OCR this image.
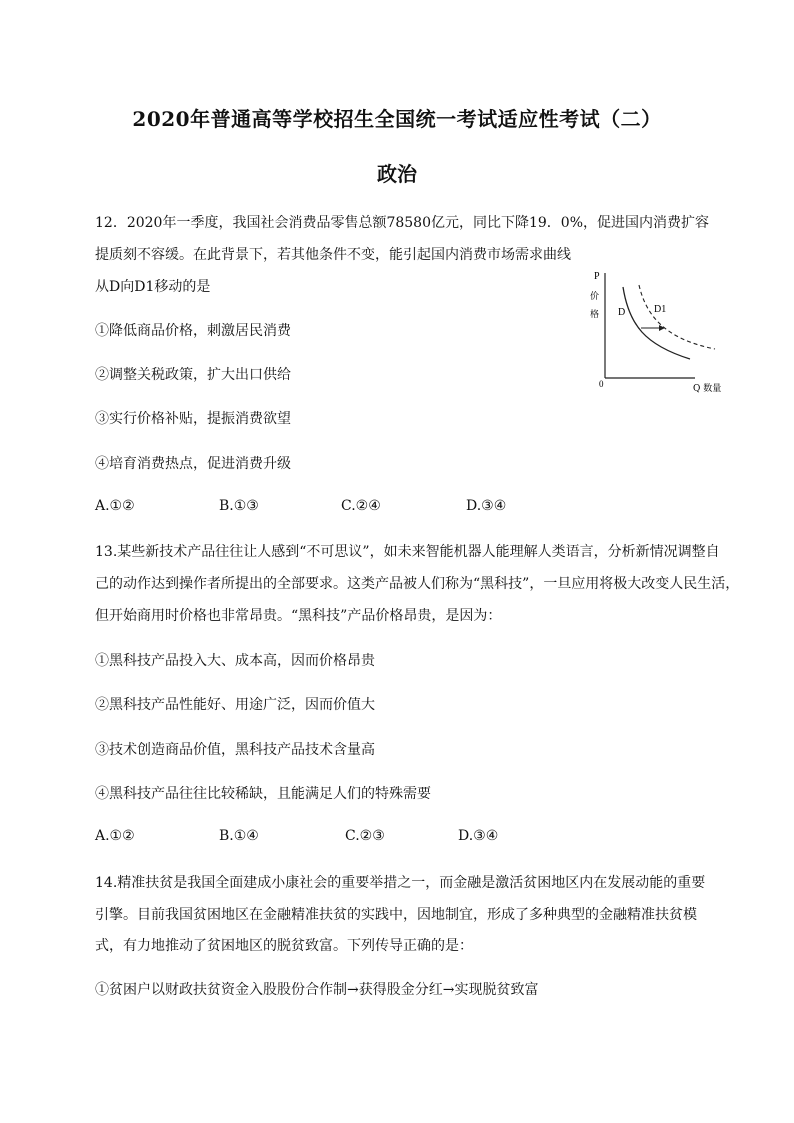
2020年普通高等学校招生全国统一考试适应性考试（二）
政治
12．2020年一季度，我国社会消费品零售总额78580亿元，同比下降19．0%，促进国内消费扩容
提质刻不容缓。在此背景下，若其他条件不变，能引起国内消费市场需求曲线
从D向D1移动的是
①降低商品价格，刺激居民消费
②调整关税政策，扩大出口供给
③实行价格补贴，提振消费欲望
④培育消费热点，促进消费升级
A.①②	B.①③	C.②④	D.③④
P
价
格
0	Q 数量
D	D1
13.某些新技术产品往往让人感到“不可思议”，如未来智能机器人能理解人类语言，分析新情况调整自
己的动作达到操作者所提出的全部要求。这类产品被人们称为“黑科技”，一旦应用将极大改变人民生活，
但开始商用时价格也非常昂贵。“黑科技”产品价格昂贵，是因为：
①黑科技产品投入大、成本高，因而价格昂贵
②黑科技产品性能好、用途广泛，因而价值大
③技术创造商品价值，黑科技产品技术含量高
④黑科技产品往往比较稀缺，且能满足人们的特殊需要
A.①②	B.①④	C.②③	D.③④
14.精准扶贫是我国全面建成小康社会的重要举措之一，而金融是激活贫困地区内在发展动能的重要
引擎。目前我国贫困地区在金融精准扶贫的实践中，因地制宜，形成了多种典型的金融精准扶贫模
式，有力地推动了贫困地区的脱贫致富。下列传导正确的是：
①贫困户以财政扶贫资金入股股份合作制→获得股金分红→实现脱贫致富
